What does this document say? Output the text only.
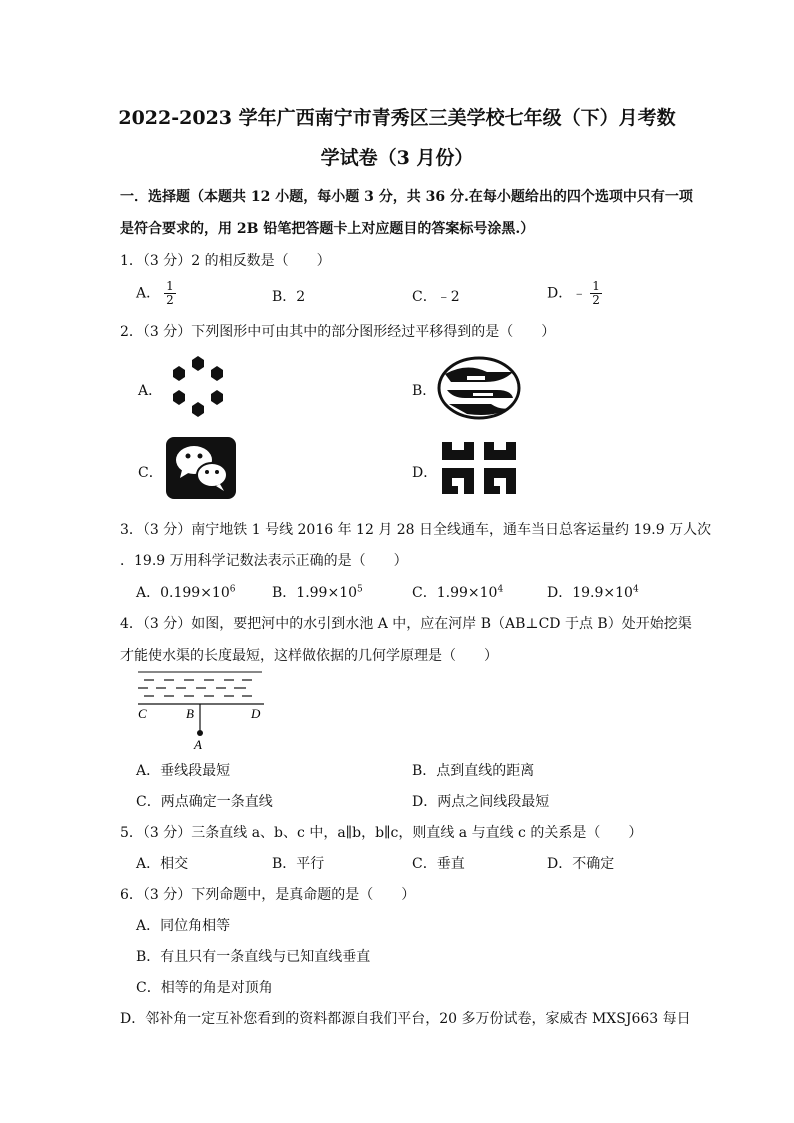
2022-2023 学年广西南宁市青秀区三美学校七年级（下）月考数
学试卷（3 月份）
一．选择题（本题共 12 小题，每小题 3 分，共 36 分.在每小题给出的四个选项中只有一项
是符合要求的，用 2B 铅笔把答题卡上对应题目的答案标号涂黑.）
1．（3 分）2 的相反数是（　　）
A． $\frac{1}{2}$	B．2	C．﹣2	D．﹣ $\frac{1}{2}$
2．（3 分）下列图形中可由其中的部分图形经过平移得到的是（　　）
A．	B．
C．	D．
3．（3 分）南宁地铁 1 号线 2016 年 12 月 28 日全线通车，通车当日总客运量约 19.9 万人次
．19.9 万用科学记数法表示正确的是（　　）
A．$0.199\times 10^6$	B．$1.99\times 10^5$	C．$1.99\times 10^4$	D．$19.9\times 10^4$
4．（3 分）如图，要把河中的水引到水池 A 中，应在河岸 B（AB⊥CD 于点 B）处开始挖渠
才能使水渠的长度最短，这样做依据的几何学原理是（　　）
C	B	D
A
A．垂线段最短	B．点到直线的距离
C．两点确定一条直线	D．两点之间线段最短
5．（3 分）三条直线 a、b、c 中，a∥b，b∥c，则直线 a 与直线 c 的关系是（　　）
A．相交	B．平行	C．垂直	D．不确定
6．（3 分）下列命题中，是真命题的是（　　）
A．同位角相等
B．有且只有一条直线与已知直线垂直
C．相等的角是对顶角
D．邻补角一定互补您看到的资料都源自我们平台，20 多万份试卷，家威杏 MXSJ663 每日
